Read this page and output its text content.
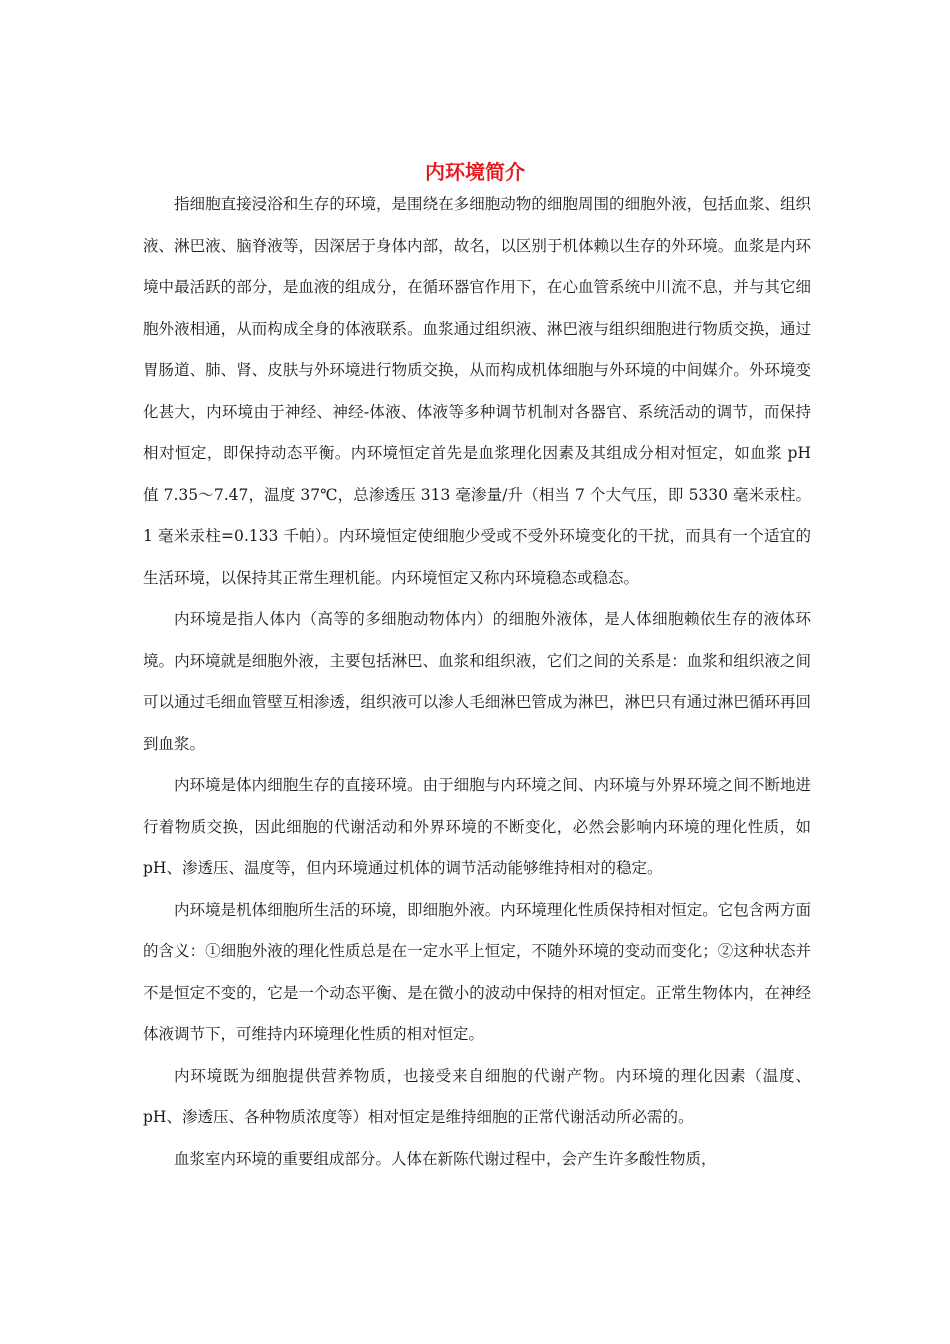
内环境简介

指细胞直接浸浴和生存的环境，是围绕在多细胞动物的细胞周围的细胞外液，包括血浆、组织液、淋巴液、脑脊液等，因深居于身体内部，故名，以区别于机体赖以生存的外环境。血浆是内环境中最活跃的部分，是血液的组成分，在循环器官作用下，在心血管系统中川流不息，并与其它细胞外液相通，从而构成全身的体液联系。血浆通过组织液、淋巴液与组织细胞进行物质交换，通过胃肠道、肺、肾、皮肤与外环境进行物质交换，从而构成机体细胞与外环境的中间媒介。外环境变化甚大，内环境由于神经、神经-体液、体液等多种调节机制对各器官、系统活动的调节，而保持相对恒定，即保持动态平衡。内环境恒定首先是血浆理化因素及其组成分相对恒定，如血浆 pH 值 7.35～7.47，温度 37℃，总渗透压 313 毫渗量/升（相当 7 个大气压，即 5330 毫米汞柱。1 毫米汞柱=0.133 千帕）。内环境恒定使细胞少受或不受外环境变化的干扰，而具有一个适宜的生活环境，以保持其正常生理机能。内环境恒定又称内环境稳态或稳态。

内环境是指人体内（高等的多细胞动物体内）的细胞外液体，是人体细胞赖依生存的液体环境。内环境就是细胞外液，主要包括淋巴、血浆和组织液，它们之间的关系是：血浆和组织液之间可以通过毛细血管壁互相渗透，组织液可以渗人毛细淋巴管成为淋巴，淋巴只有通过淋巴循环再回到血浆。

内环境是体内细胞生存的直接环境。由于细胞与内环境之间、内环境与外界环境之间不断地进行着物质交换，因此细胞的代谢活动和外界环境的不断变化，必然会影响内环境的理化性质，如 pH、渗透压、温度等，但内环境通过机体的调节活动能够维持相对的稳定。

内环境是机体细胞所生活的环境，即细胞外液。内环境理化性质保持相对恒定。它包含两方面的含义：①细胞外液的理化性质总是在一定水平上恒定，不随外环境的变动而变化；②这种状态并不是恒定不变的，它是一个动态平衡、是在微小的波动中保持的相对恒定。正常生物体内，在神经体液调节下，可维持内环境理化性质的相对恒定。

内环境既为细胞提供营养物质，也接受来自细胞的代谢产物。内环境的理化因素（温度、pH、渗透压、各种物质浓度等）相对恒定是维持细胞的正常代谢活动所必需的。

血浆室内环境的重要组成部分。人体在新陈代谢过程中，会产生许多酸性物质，
